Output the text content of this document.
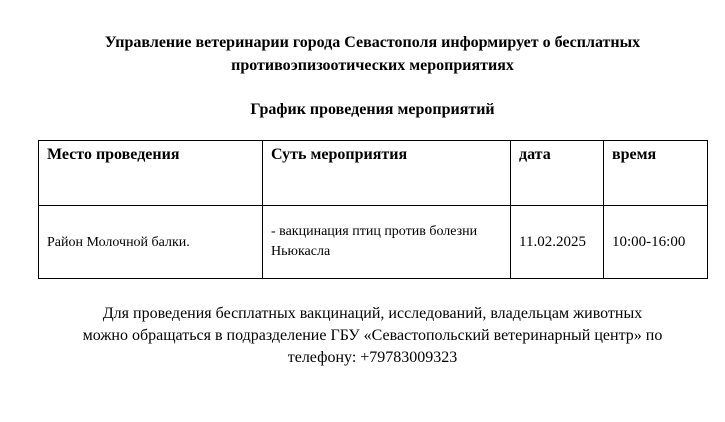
Управление ветеринарии города Севастополя информирует о бесплатных противоэпизоотических мероприятиях
График проведения мероприятий
Место проведения	Суть мероприятия	дата	время
Район Молочной балки.	- вакцинация птиц против болезни Ньюкасла	11.02.2025	10:00-16:00
Для проведения бесплатных вакцинаций, исследований, владельцам животных можно обращаться в подразделение ГБУ «Севастопольский ветеринарный центр» по телефону: +79783009323
